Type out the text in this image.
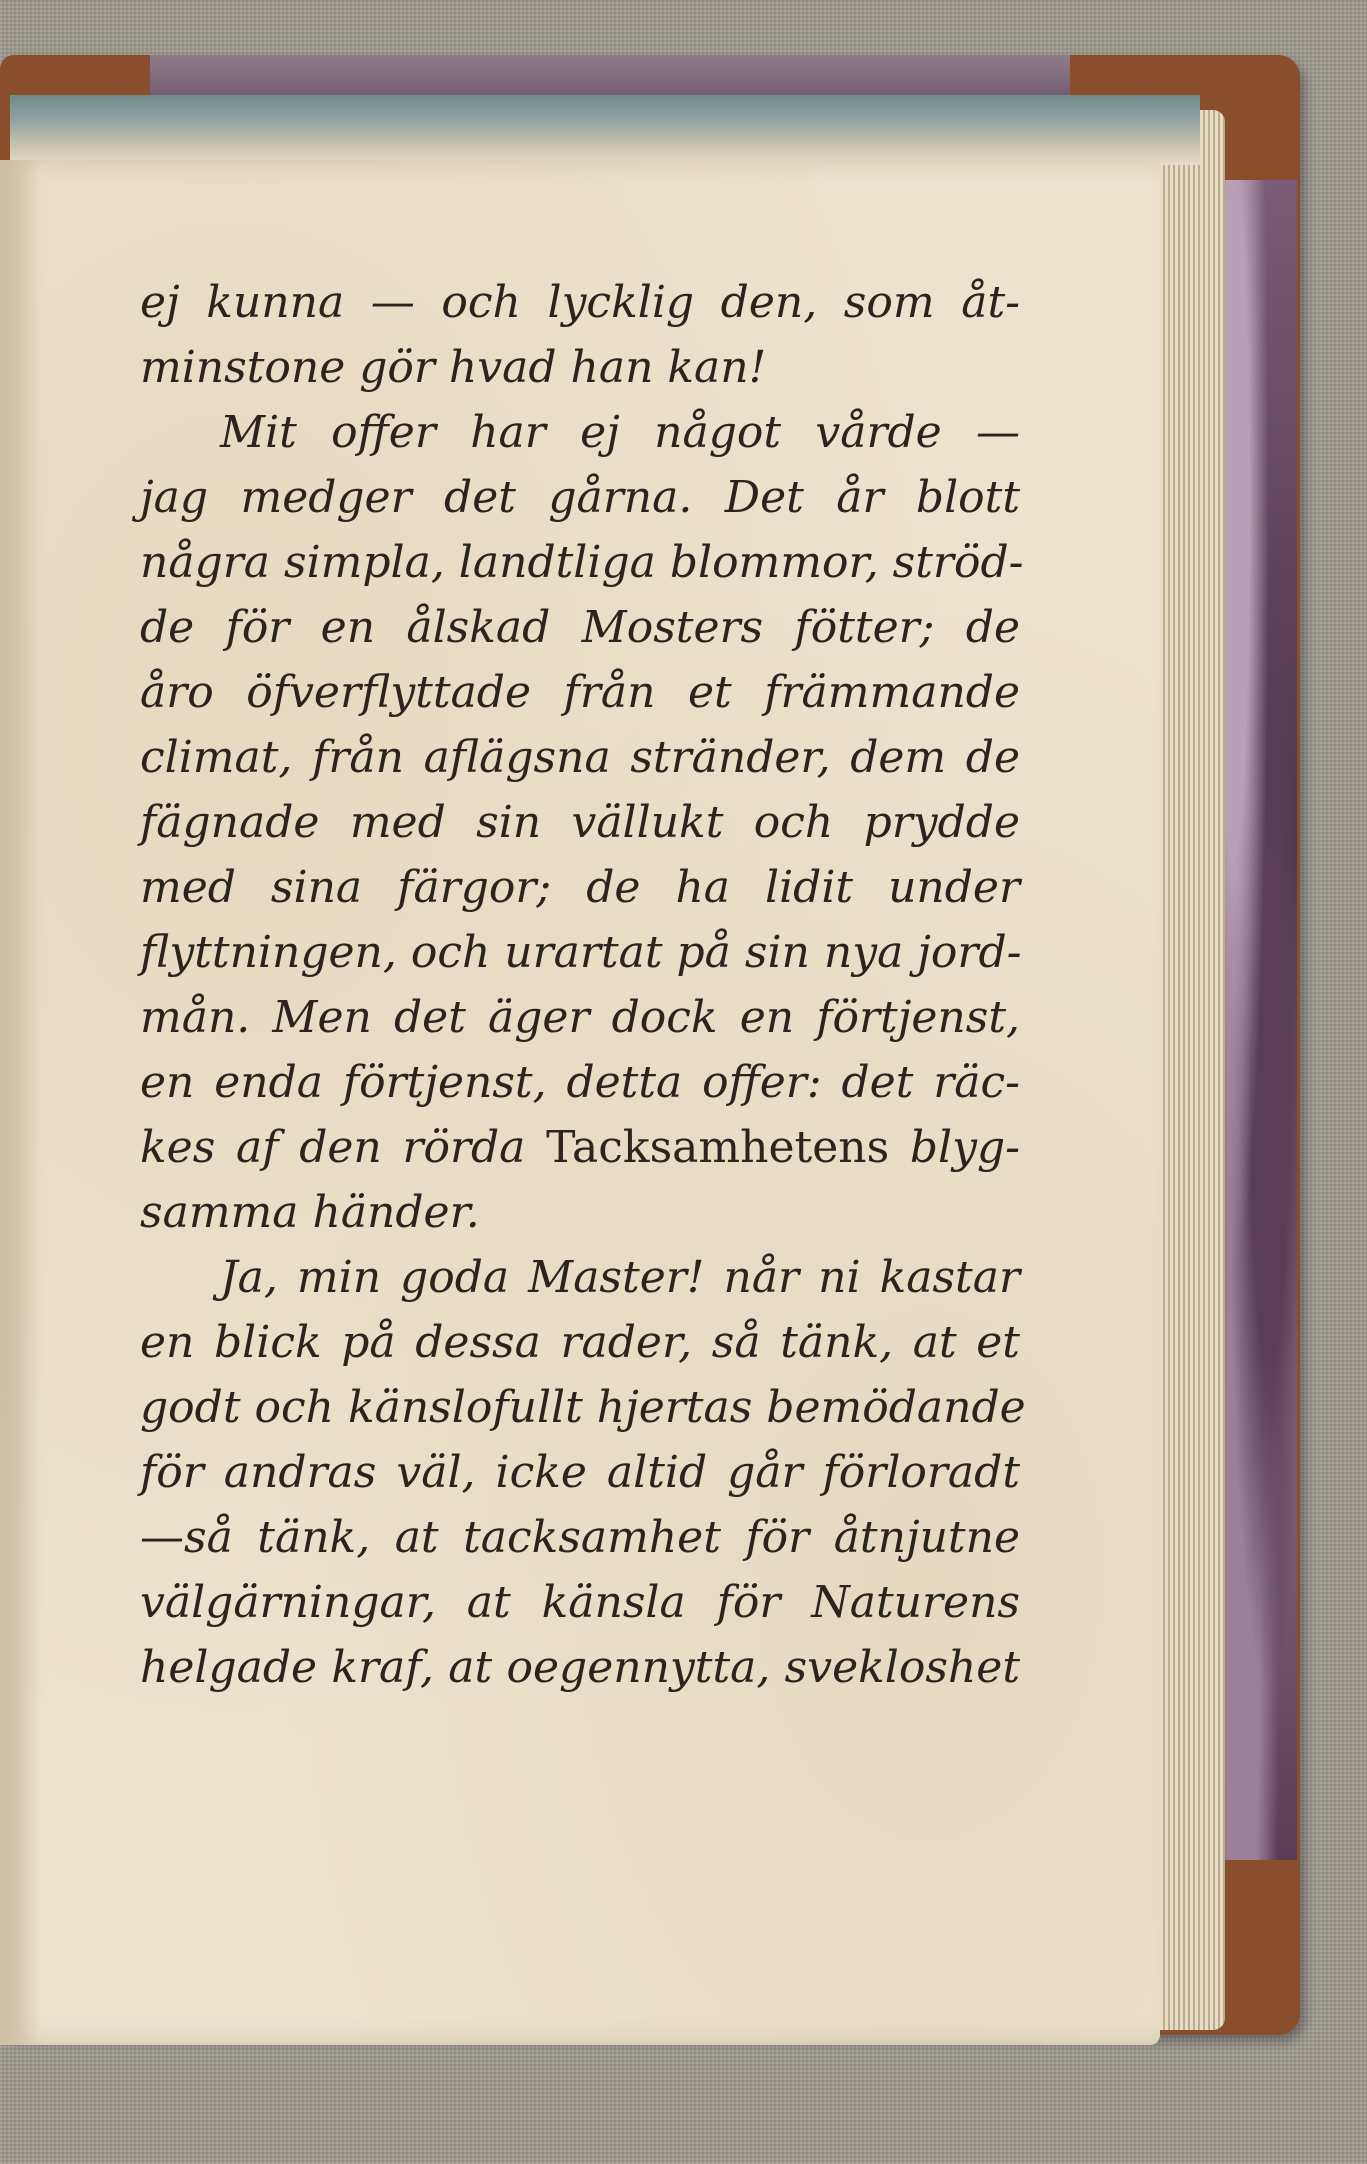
ej kunna — och lycklig den, som åt-
minstone gör hvad han kan!
Mit offer har ej något vårde —
jag medger det gårna. Det år blott
några simpla, landtliga blommor, ströd-
de för en ålskad Mosters fötter; de
åro öfverflyttade från et främmande
climat, från aflägsna stränder, dem de
fägnade med sin vällukt och prydde
med sina färgor; de ha lidit under
flyttningen, och urartat på sin nya jord-
mån. Men det äger dock en förtjenst,
en enda förtjenst, detta offer: det räc-
kes af den rörda Tacksamhetens blyg-
samma händer.
Ja, min goda Master! når ni kastar
en blick på dessa rader, så tänk, at et
godt och känslofullt hjertas bemödande
för andras väl, icke altid går förloradt
—så tänk, at tacksamhet för åtnjutne
välgärningar, at känsla för Naturens
helgade kraf, at oegennytta, svekloshet
